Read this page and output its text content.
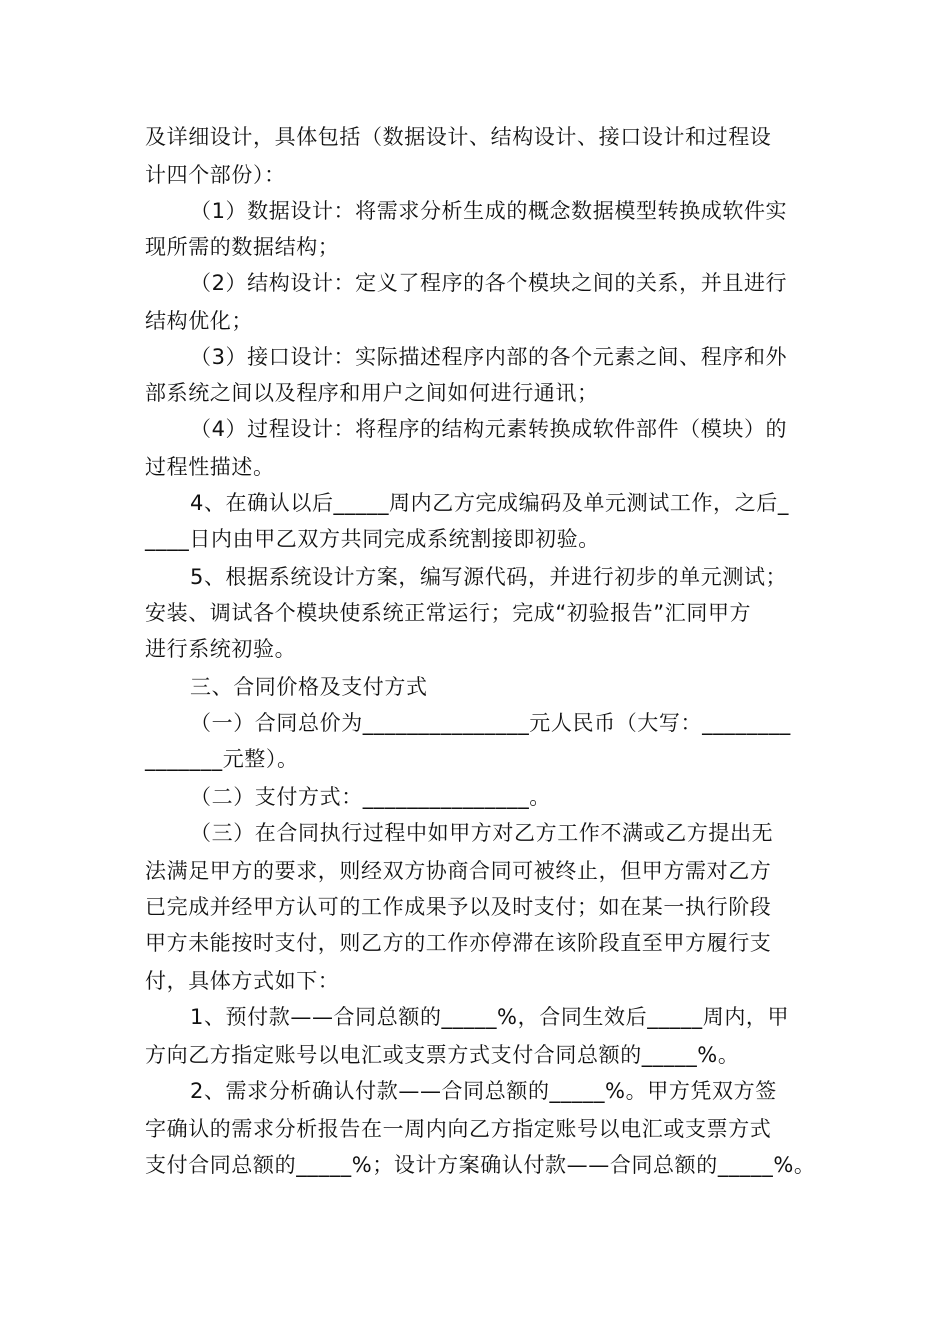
及详细设计，具体包括（数据设计、结构设计、接口设计和过程设
计四个部份）：
（1）数据设计：将需求分析生成的概念数据模型转换成软件实
现所需的数据结构；
（2）结构设计：定义了程序的各个模块之间的关系，并且进行
结构优化；
（3）接口设计：实际描述程序内部的各个元素之间、程序和外
部系统之间以及程序和用户之间如何进行通讯；
（4）过程设计：将程序的结构元素转换成软件部件（模块）的
过程性描述。
4、在确认以后_____周内乙方完成编码及单元测试工作，之后_
____日内由甲乙双方共同完成系统割接即初验。
5、根据系统设计方案，编写源代码，并进行初步的单元测试；
安装、调试各个模块使系统正常运行；完成“初验报告”汇同甲方
进行系统初验。
三、合同价格及支付方式
（一）合同总价为_______________元人民币（大写：________
_______元整）。
（二）支付方式：_______________。
（三）在合同执行过程中如甲方对乙方工作不满或乙方提出无
法满足甲方的要求，则经双方协商合同可被终止，但甲方需对乙方
已完成并经甲方认可的工作成果予以及时支付；如在某一执行阶段
甲方未能按时支付，则乙方的工作亦停滞在该阶段直至甲方履行支
付，具体方式如下：
1、预付款——合同总额的_____%，合同生效后_____周内，甲
方向乙方指定账号以电汇或支票方式支付合同总额的_____%。
2、需求分析确认付款——合同总额的_____%。甲方凭双方签
字确认的需求分析报告在一周内向乙方指定账号以电汇或支票方式
支付合同总额的_____%；设计方案确认付款——合同总额的_____%。
